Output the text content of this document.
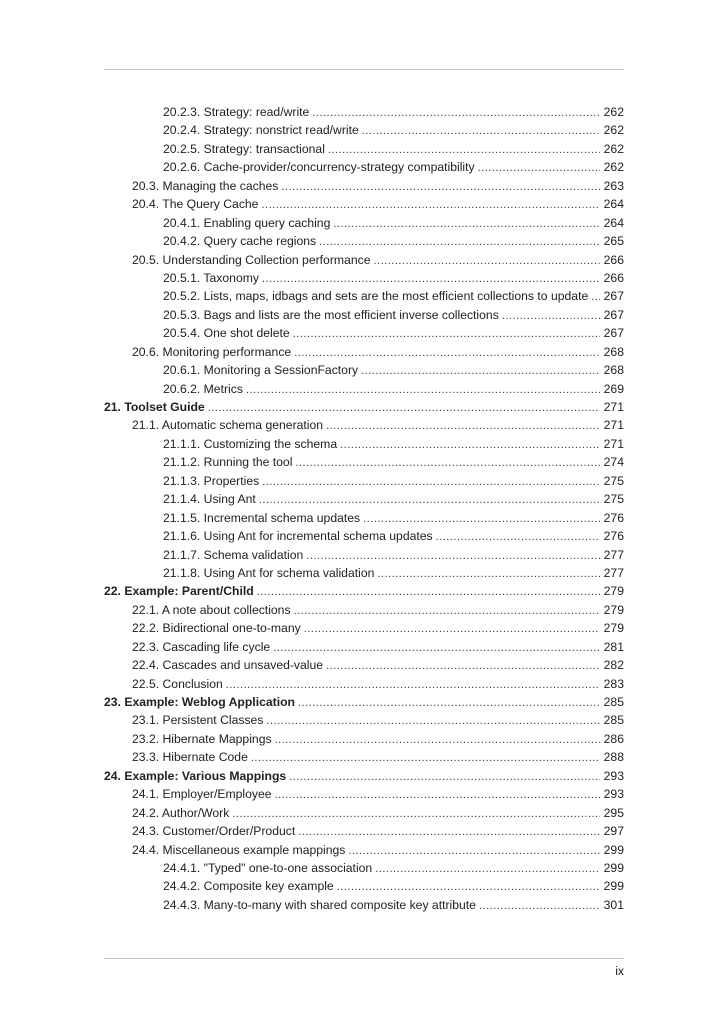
20.2.3. Strategy: read/write .....	262
20.2.4. Strategy: nonstrict read/write .....	262
20.2.5. Strategy: transactional .....	262
20.2.6. Cache-provider/concurrency-strategy compatibility .....	262
20.3. Managing the caches .....	263
20.4. The Query Cache .....	264
20.4.1. Enabling query caching .....	264
20.4.2. Query cache regions .....	265
20.5. Understanding Collection performance .....	266
20.5.1. Taxonomy .....	266
20.5.2. Lists, maps, idbags and sets are the most efficient collections to update .....	267
20.5.3. Bags and lists are the most efficient inverse collections .....	267
20.5.4. One shot delete .....	267
20.6. Monitoring performance .....	268
20.6.1. Monitoring a SessionFactory .....	268
20.6.2. Metrics .....	269
21. Toolset Guide .....	271
21.1. Automatic schema generation .....	271
21.1.1. Customizing the schema .....	271
21.1.2. Running the tool .....	274
21.1.3. Properties .....	275
21.1.4. Using Ant .....	275
21.1.5. Incremental schema updates .....	276
21.1.6. Using Ant for incremental schema updates .....	276
21.1.7. Schema validation .....	277
21.1.8. Using Ant for schema validation .....	277
22. Example: Parent/Child .....	279
22.1. A note about collections .....	279
22.2. Bidirectional one-to-many .....	279
22.3. Cascading life cycle .....	281
22.4. Cascades and unsaved-value .....	282
22.5. Conclusion .....	283
23. Example: Weblog Application .....	285
23.1. Persistent Classes .....	285
23.2. Hibernate Mappings .....	286
23.3. Hibernate Code .....	288
24. Example: Various Mappings .....	293
24.1. Employer/Employee .....	293
24.2. Author/Work .....	295
24.3. Customer/Order/Product .....	297
24.4. Miscellaneous example mappings .....	299
24.4.1. "Typed" one-to-one association .....	299
24.4.2. Composite key example .....	299
24.4.3. Many-to-many with shared composite key attribute .....	301
ix
